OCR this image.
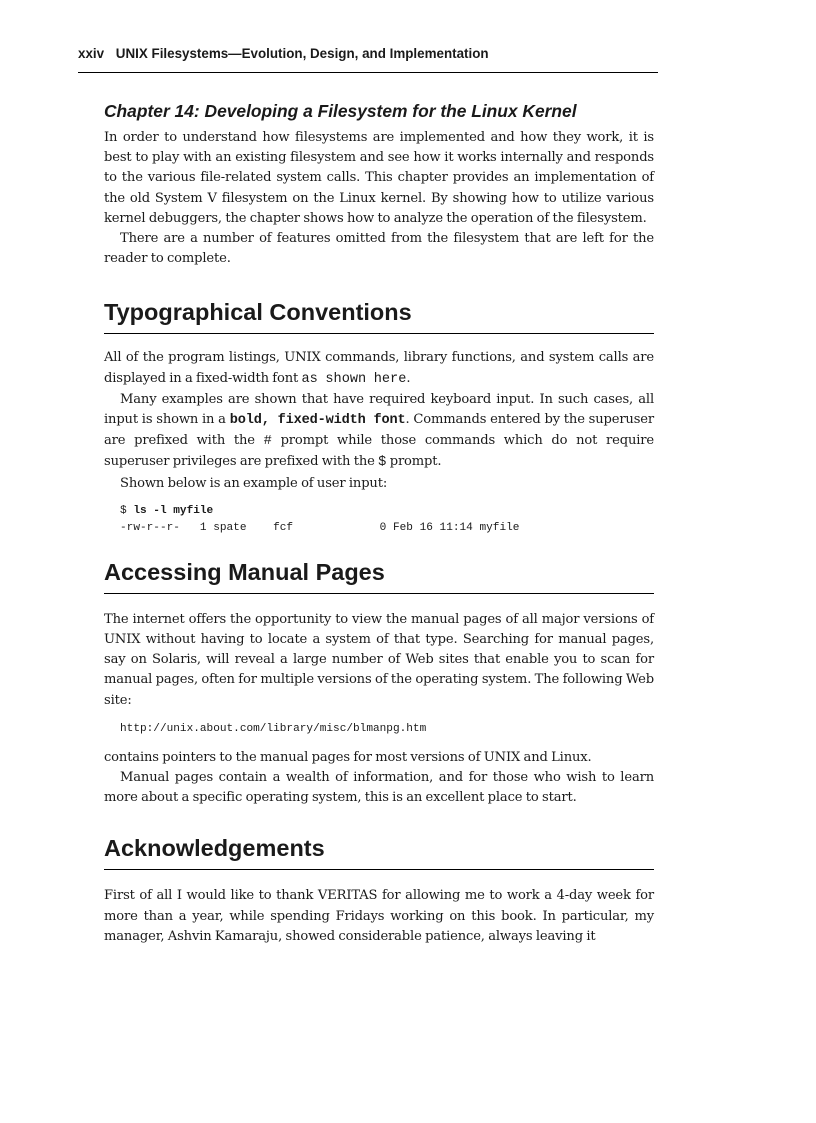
xxiv UNIX Filesystems—Evolution, Design, and Implementation
Chapter 14: Developing a Filesystem for the Linux Kernel

In order to understand how filesystems are implemented and how they work, it is best to play with an existing filesystem and see how it works internally and responds to the various file-related system calls. This chapter provides an implementation of the old System V filesystem on the Linux kernel. By showing how to utilize various kernel debuggers, the chapter shows how to analyze the operation of the filesystem.

There are a number of features omitted from the filesystem that are left for the reader to complete.

Typographical Conventions

All of the program listings, UNIX commands, library functions, and system calls are displayed in a fixed-width font as shown here.

Many examples are shown that have required keyboard input. In such cases, all input is shown in a bold, fixed-width font. Commands entered by the superuser are prefixed with the # prompt while those commands which do not require superuser privileges are prefixed with the $ prompt.

Shown below is an example of user input:

$ ls -l myfile
-rw-r--r-   1 spate    fcf             0 Feb 16 11:14 myfile
Accessing Manual Pages

The internet offers the opportunity to view the manual pages of all major versions of UNIX without having to locate a system of that type. Searching for manual pages, say on Solaris, will reveal a large number of Web sites that enable you to scan for manual pages, often for multiple versions of the operating system. The following Web site:

http://unix.about.com/library/misc/blmanpg.htm

contains pointers to the manual pages for most versions of UNIX and Linux.

Manual pages contain a wealth of information, and for those who wish to learn more about a specific operating system, this is an excellent place to start.

Acknowledgements

First of all I would like to thank VERITAS for allowing me to work a 4-day week for more than a year, while spending Fridays working on this book. In particular, my manager, Ashvin Kamaraju, showed considerable patience, always leaving it
